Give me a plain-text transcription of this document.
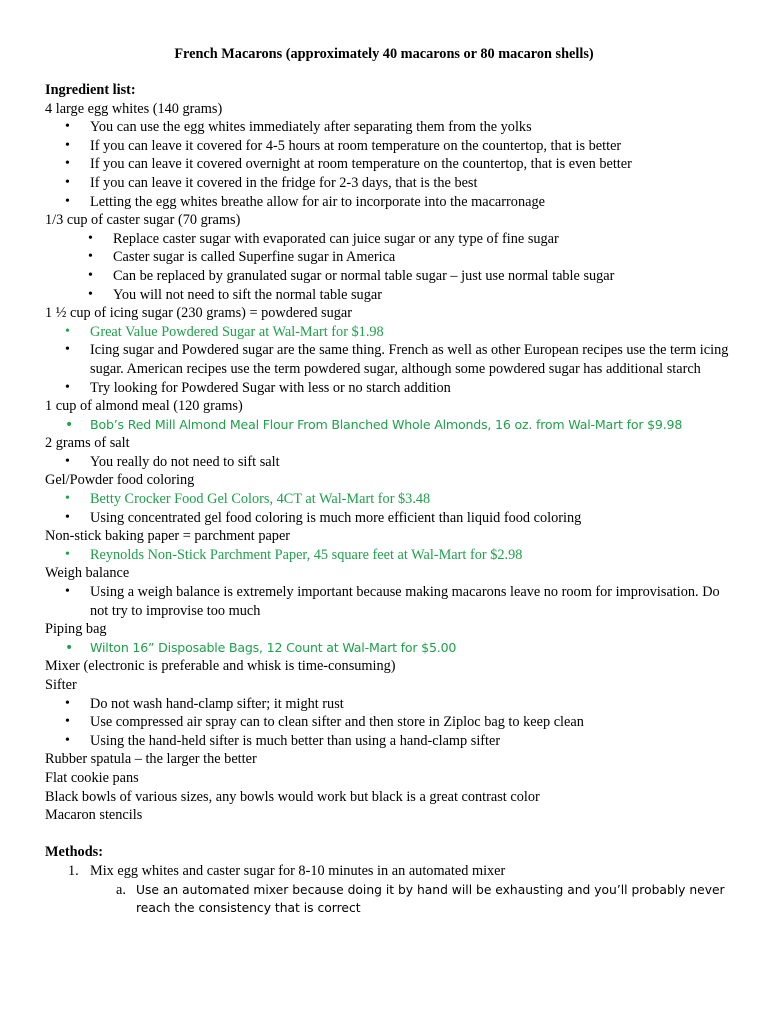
French Macarons (approximately 40 macarons or 80 macaron shells)
Ingredient list:
4 large egg whites (140 grams)
• You can use the egg whites immediately after separating them from the yolks
• If you can leave it covered for 4-5 hours at room temperature on the countertop, that is better
• If you can leave it covered overnight at room temperature on the countertop, that is even better
• If you can leave it covered in the fridge for 2-3 days, that is the best
• Letting the egg whites breathe allow for air to incorporate into the macarronage
1/3 cup of caster sugar (70 grams)
• Replace caster sugar with evaporated can juice sugar or any type of fine sugar
• Caster sugar is called Superfine sugar in America
• Can be replaced by granulated sugar or normal table sugar – just use normal table sugar
• You will not need to sift the normal table sugar
1 ½ cup of icing sugar (230 grams) = powdered sugar
• Great Value Powdered Sugar at Wal-Mart for $1.98
• Icing sugar and Powdered sugar are the same thing. French as well as other European recipes use the term icing sugar. American recipes use the term powdered sugar, although some powdered sugar has additional starch
• Try looking for Powdered Sugar with less or no starch addition
1 cup of almond meal (120 grams)
• Bob’s Red Mill Almond Meal Flour From Blanched Whole Almonds, 16 oz. from Wal-Mart for $9.98
2 grams of salt
• You really do not need to sift salt
Gel/Powder food coloring
• Betty Crocker Food Gel Colors, 4CT at Wal-Mart for $3.48
• Using concentrated gel food coloring is much more efficient than liquid food coloring
Non-stick baking paper = parchment paper
• Reynolds Non-Stick Parchment Paper, 45 square feet at Wal-Mart for $2.98
Weigh balance
• Using a weigh balance is extremely important because making macarons leave no room for improvisation. Do not try to improvise too much
Piping bag
• Wilton 16” Disposable Bags, 12 Count at Wal-Mart for $5.00
Mixer (electronic is preferable and whisk is time-consuming)
Sifter
• Do not wash hand-clamp sifter; it might rust
• Use compressed air spray can to clean sifter and then store in Ziploc bag to keep clean
• Using the hand-held sifter is much better than using a hand-clamp sifter
Rubber spatula – the larger the better
Flat cookie pans
Black bowls of various sizes, any bowls would work but black is a great contrast color
Macaron stencils
Methods:
1. Mix egg whites and caster sugar for 8-10 minutes in an automated mixer
a. Use an automated mixer because doing it by hand will be exhausting and you’ll probably never reach the consistency that is correct
